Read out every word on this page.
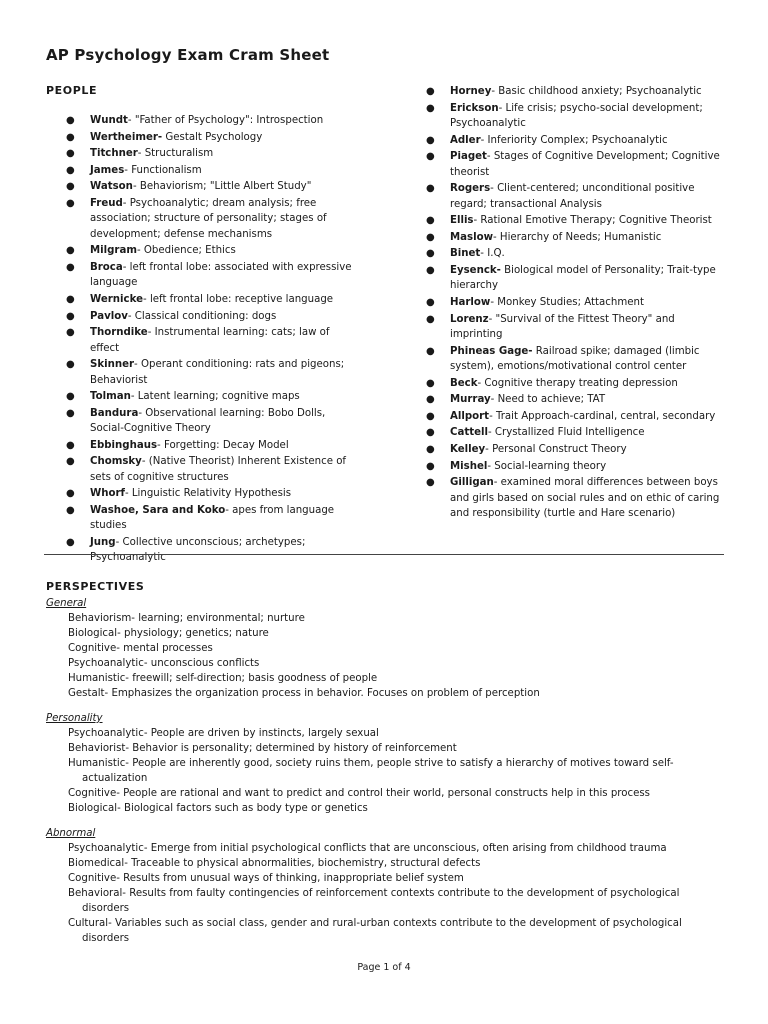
AP Psychology Exam Cram Sheet
PEOPLE
● Wundt- "Father of Psychology": Introspection
● Wertheimer- Gestalt Psychology
● Titchner- Structuralism
● James- Functionalism
● Watson- Behaviorism; "Little Albert Study"
● Freud- Psychoanalytic; dream analysis; free association; structure of personality; stages of development; defense mechanisms
● Milgram- Obedience; Ethics
● Broca- left frontal lobe: associated with expressive language
● Wernicke- left frontal lobe: receptive language
● Pavlov- Classical conditioning: dogs
● Thorndike- Instrumental learning: cats; law of effect
● Skinner- Operant conditioning: rats and pigeons; Behaviorist
● Tolman- Latent learning; cognitive maps
● Bandura- Observational learning: Bobo Dolls, Social-Cognitive Theory
● Ebbinghaus- Forgetting: Decay Model
● Chomsky- (Native Theorist) Inherent Existence of sets of cognitive structures
● Whorf- Linguistic Relativity Hypothesis
● Washoe, Sara and Koko- apes from language studies
● Jung- Collective unconscious; archetypes; Psychoanalytic
● Horney- Basic childhood anxiety; Psychoanalytic
● Erickson- Life crisis; psycho-social development; Psychoanalytic
● Adler- Inferiority Complex; Psychoanalytic
● Piaget- Stages of Cognitive Development; Cognitive theorist
● Rogers- Client-centered; unconditional positive regard; transactional Analysis
● Ellis- Rational Emotive Therapy; Cognitive Theorist
● Maslow- Hierarchy of Needs; Humanistic
● Binet- I.Q.
● Eysenck- Biological model of Personality; Trait-type hierarchy
● Harlow- Monkey Studies; Attachment
● Lorenz- "Survival of the Fittest Theory" and imprinting
● Phineas Gage- Railroad spike; damaged (limbic system), emotions/motivational control center
● Beck- Cognitive therapy treating depression
● Murray- Need to achieve; TAT
● Allport- Trait Approach-cardinal, central, secondary
● Cattell- Crystallized Fluid Intelligence
● Kelley- Personal Construct Theory
● Mishel- Social-learning theory
● Gilligan- examined moral differences between boys and girls based on social rules and on ethic of caring and responsibility (turtle and Hare scenario)
PERSPECTIVES
General
Behaviorism- learning; environmental; nurture
Biological- physiology; genetics; nature
Cognitive- mental processes
Psychoanalytic- unconscious conflicts
Humanistic- freewill; self-direction; basis goodness of people
Gestalt- Emphasizes the organization process in behavior. Focuses on problem of perception
Personality
Psychoanalytic- People are driven by instincts, largely sexual
Behaviorist- Behavior is personality; determined by history of reinforcement
Humanistic- People are inherently good, society ruins them, people strive to satisfy a hierarchy of motives toward self-actualization
Cognitive- People are rational and want to predict and control their world, personal constructs help in this process
Biological- Biological factors such as body type or genetics
Abnormal
Psychoanalytic- Emerge from initial psychological conflicts that are unconscious, often arising from childhood trauma
Biomedical- Traceable to physical abnormalities, biochemistry, structural defects
Cognitive- Results from unusual ways of thinking, inappropriate belief system
Behavioral- Results from faulty contingencies of reinforcement contexts contribute to the development of psychological disorders
Cultural- Variables such as social class, gender and rural-urban contexts contribute to the development of psychological disorders
Page 1 of 4
